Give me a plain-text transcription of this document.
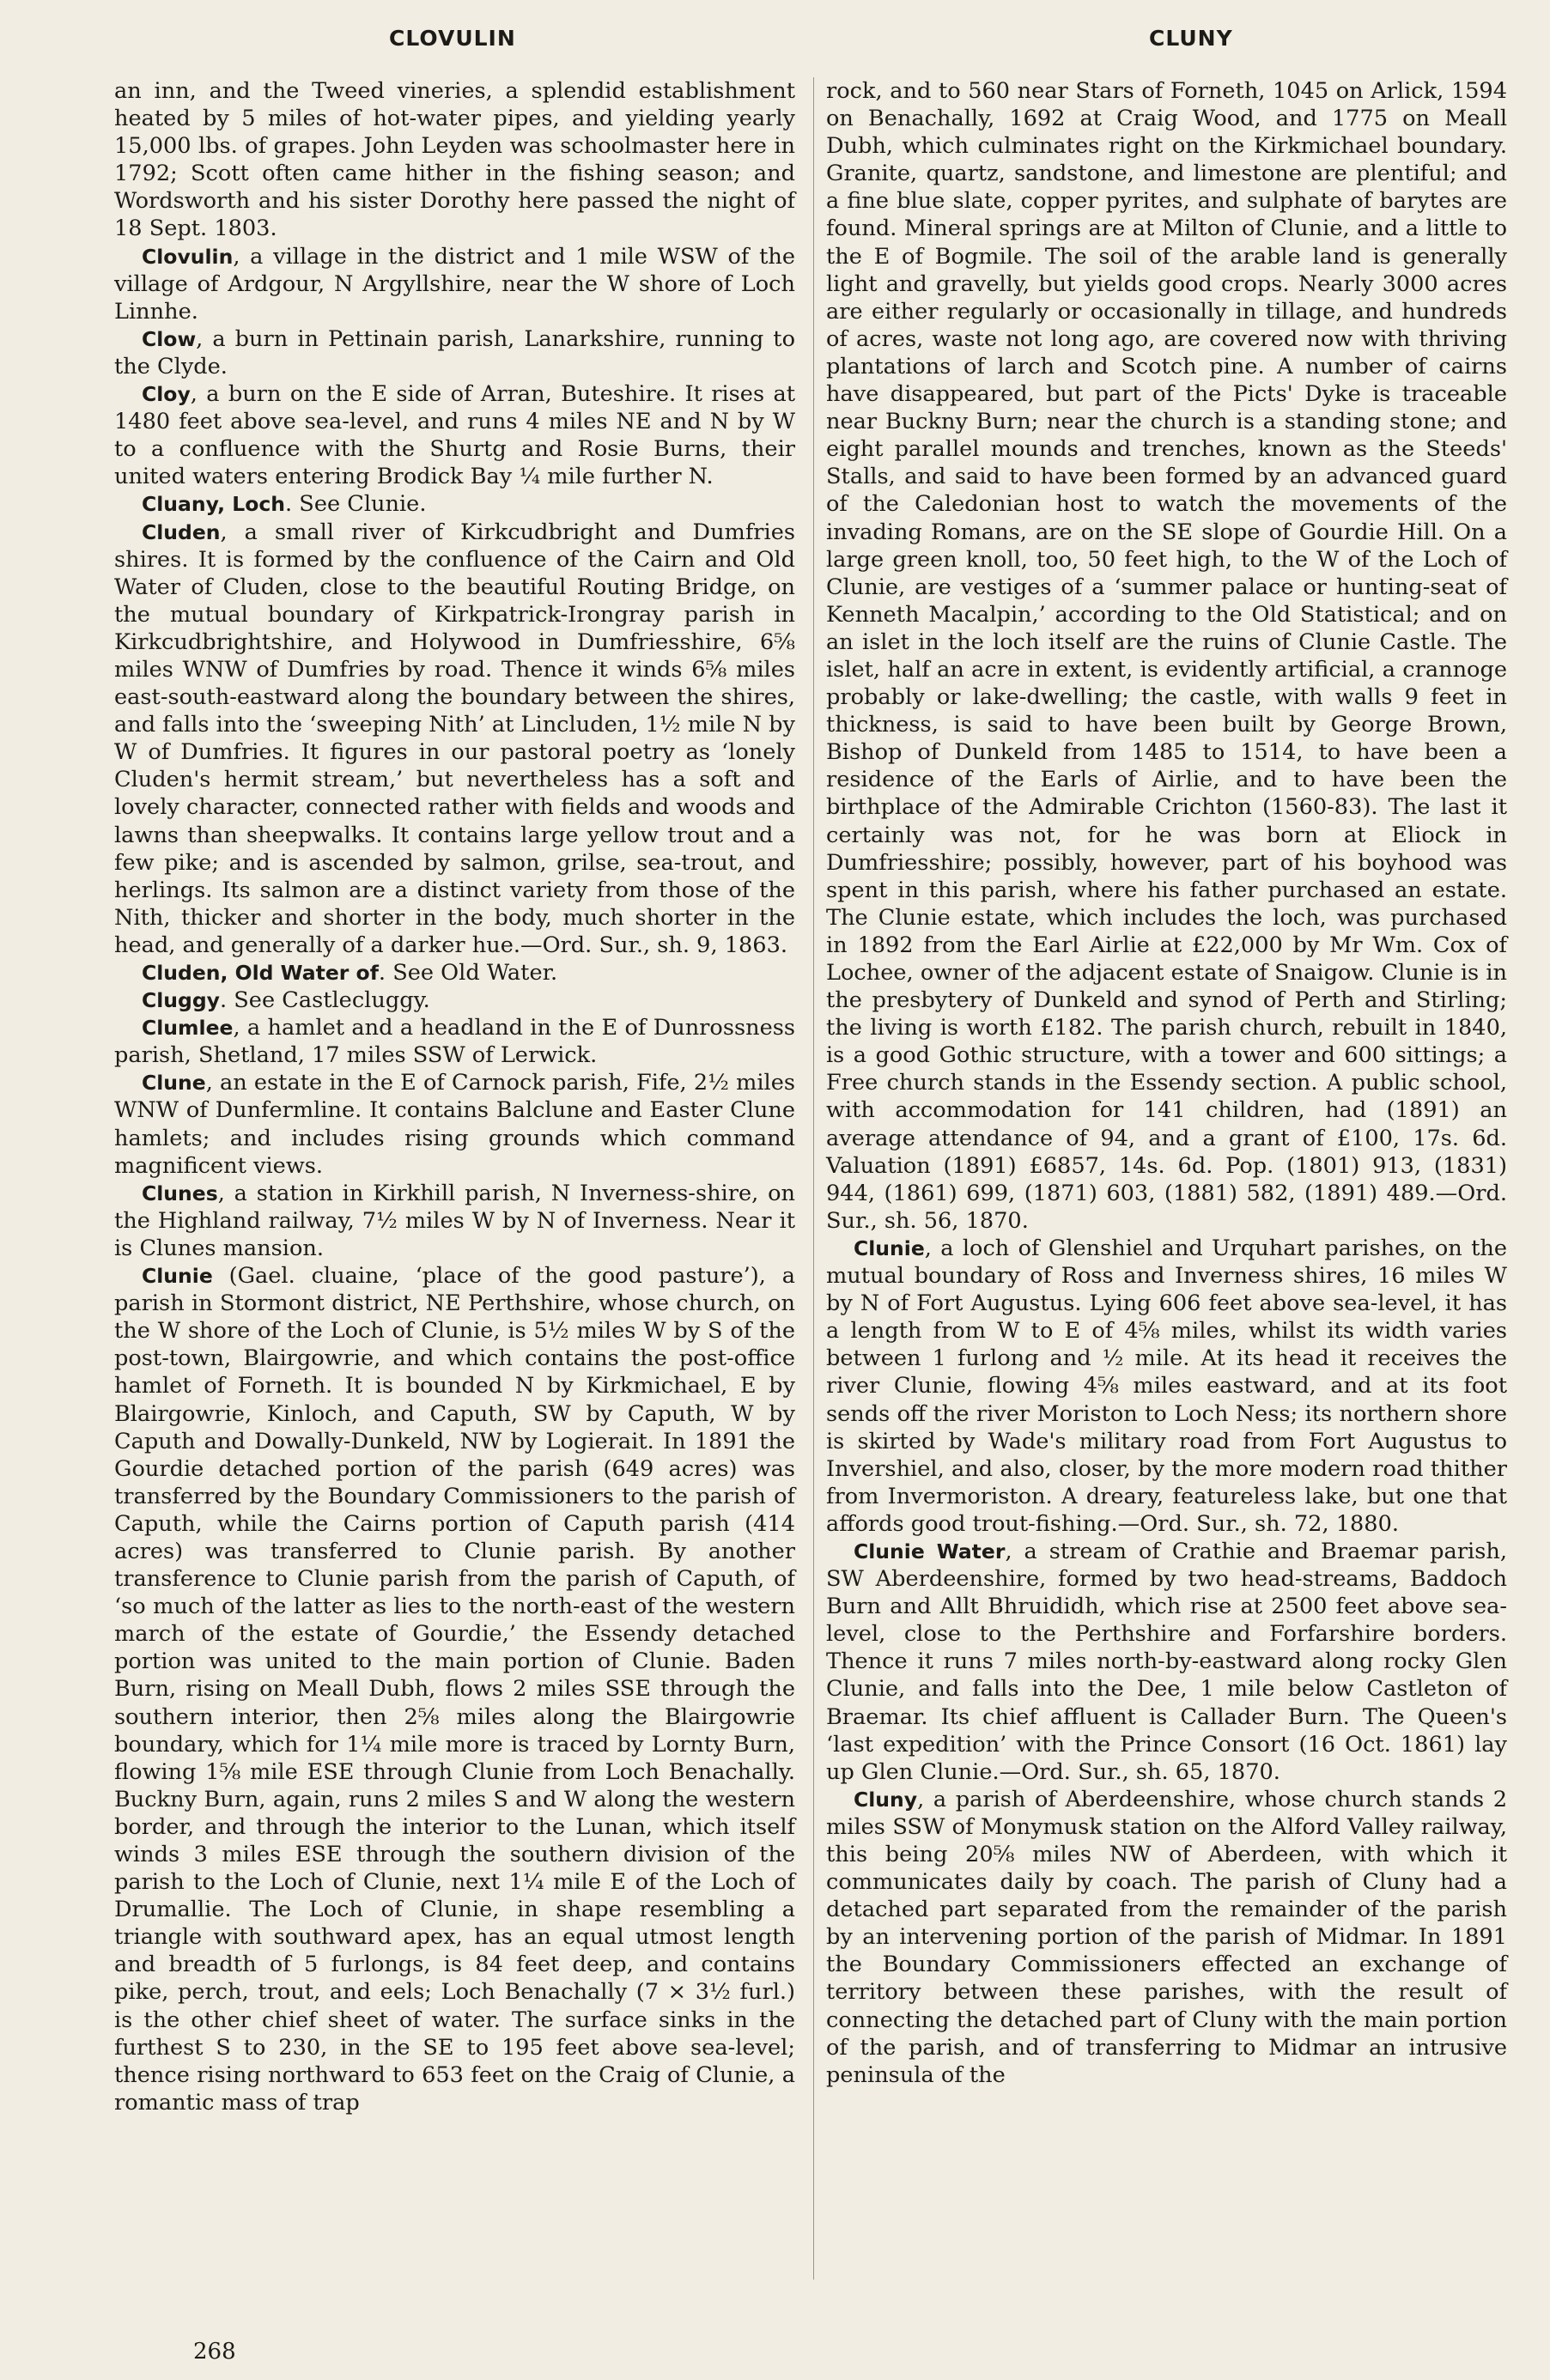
CLOVULIN	CLUNY

an inn, and the Tweed vineries, a splendid establishment heated by 5 miles of hot-water pipes, and yielding yearly 15,000 lbs. of grapes. John Leyden was schoolmaster here in 1792; Scott often came hither in the fishing season; and Wordsworth and his sister Dorothy here passed the night of 18 Sept. 1803.

Clovulin, a village in the district and 1 mile WSW of the village of Ardgour, N Argyllshire, near the W shore of Loch Linnhe.

Clow, a burn in Pettinain parish, Lanarkshire, running to the Clyde.

Cloy, a burn on the E side of Arran, Buteshire. It rises at 1480 feet above sea-level, and runs 4 miles NE and N by W to a confluence with the Shurtg and Rosie Burns, their united waters entering Brodick Bay ¼ mile further N.

Cluany, Loch. See Clunie.

Cluden, a small river of Kirkcudbright and Dumfries shires. It is formed by the confluence of the Cairn and Old Water of Cluden, close to the beautiful Routing Bridge, on the mutual boundary of Kirkpatrick-Irongray parish in Kirkcudbrightshire, and Holywood in Dumfriesshire, 6⅝ miles WNW of Dumfries by road. Thence it winds 6⅝ miles east-south-eastward along the boundary between the shires, and falls into the ‘sweeping Nith’ at Lincluden, 1½ mile N by W of Dumfries. It figures in our pastoral poetry as ‘lonely Cluden's hermit stream,’ but nevertheless has a soft and lovely character, connected rather with fields and woods and lawns than sheepwalks. It contains large yellow trout and a few pike; and is ascended by salmon, grilse, sea-trout, and herlings. Its salmon are a distinct variety from those of the Nith, thicker and shorter in the body, much shorter in the head, and generally of a darker hue.—Ord. Sur., sh. 9, 1863.

Cluden, Old Water of. See Old Water.

Cluggy. See Castlecluggy.

Clumlee, a hamlet and a headland in the E of Dunrossness parish, Shetland, 17 miles SSW of Lerwick.

Clune, an estate in the E of Carnock parish, Fife, 2½ miles WNW of Dunfermline. It contains Balclune and Easter Clune hamlets; and includes rising grounds which command magnificent views.

Clunes, a station in Kirkhill parish, N Inverness-shire, on the Highland railway, 7½ miles W by N of Inverness. Near it is Clunes mansion.

Clunie (Gael. cluaine, ‘place of the good pasture’), a parish in Stormont district, NE Perthshire, whose church, on the W shore of the Loch of Clunie, is 5½ miles W by S of the post-town, Blairgowrie, and which contains the post-office hamlet of Forneth. It is bounded N by Kirkmichael, E by Blairgowrie, Kinloch, and Caputh, SW by Caputh, W by Caputh and Dowally-Dunkeld, NW by Logierait. In 1891 the Gourdie detached portion of the parish (649 acres) was transferred by the Boundary Commissioners to the parish of Caputh, while the Cairns portion of Caputh parish (414 acres) was transferred to Clunie parish. By another transference to Clunie parish from the parish of Caputh, of ‘so much of the latter as lies to the north-east of the western march of the estate of Gourdie,’ the Essendy detached portion was united to the main portion of Clunie. Baden Burn, rising on Meall Dubh, flows 2 miles SSE through the southern interior, then 2⅝ miles along the Blairgowrie boundary, which for 1¼ mile more is traced by Lornty Burn, flowing 1⅝ mile ESE through Clunie from Loch Benachally. Buckny Burn, again, runs 2 miles S and W along the western border, and through the interior to the Lunan, which itself winds 3 miles ESE through the southern division of the parish to the Loch of Clunie, next 1¼ mile E of the Loch of Drumallie. The Loch of Clunie, in shape resembling a triangle with southward apex, has an equal utmost length and breadth of 5 furlongs, is 84 feet deep, and contains pike, perch, trout, and eels; Loch Benachally (7 × 3½ furl.) is the other chief sheet of water. The surface sinks in the furthest S to 230, in the SE to 195 feet above sea-level; thence rising northward to 653 feet on the Craig of Clunie, a romantic mass of trap

rock, and to 560 near Stars of Forneth, 1045 on Arlick, 1594 on Benachally, 1692 at Craig Wood, and 1775 on Meall Dubh, which culminates right on the Kirkmichael boundary. Granite, quartz, sandstone, and limestone are plentiful; and a fine blue slate, copper pyrites, and sulphate of barytes are found. Mineral springs are at Milton of Clunie, and a little to the E of Bogmile. The soil of the arable land is generally light and gravelly, but yields good crops. Nearly 3000 acres are either regularly or occasionally in tillage, and hundreds of acres, waste not long ago, are covered now with thriving plantations of larch and Scotch pine. A number of cairns have disappeared, but part of the Picts' Dyke is traceable near Buckny Burn; near the church is a standing stone; and eight parallel mounds and trenches, known as the Steeds' Stalls, and said to have been formed by an advanced guard of the Caledonian host to watch the movements of the invading Romans, are on the SE slope of Gourdie Hill. On a large green knoll, too, 50 feet high, to the W of the Loch of Clunie, are vestiges of a ‘summer palace or hunting-seat of Kenneth Macalpin,’ according to the Old Statistical; and on an islet in the loch itself are the ruins of Clunie Castle. The islet, half an acre in extent, is evidently artificial, a crannoge probably or lake-dwelling; the castle, with walls 9 feet in thickness, is said to have been built by George Brown, Bishop of Dunkeld from 1485 to 1514, to have been a residence of the Earls of Airlie, and to have been the birthplace of the Admirable Crichton (1560-83). The last it certainly was not, for he was born at Eliock in Dumfriesshire; possibly, however, part of his boyhood was spent in this parish, where his father purchased an estate. The Clunie estate, which includes the loch, was purchased in 1892 from the Earl Airlie at £22,000 by Mr Wm. Cox of Lochee, owner of the adjacent estate of Snaigow. Clunie is in the presbytery of Dunkeld and synod of Perth and Stirling; the living is worth £182. The parish church, rebuilt in 1840, is a good Gothic structure, with a tower and 600 sittings; a Free church stands in the Essendy section. A public school, with accommodation for 141 children, had (1891) an average attendance of 94, and a grant of £100, 17s. 6d. Valuation (1891) £6857, 14s. 6d. Pop. (1801) 913, (1831) 944, (1861) 699, (1871) 603, (1881) 582, (1891) 489.—Ord. Sur., sh. 56, 1870.

Clunie, a loch of Glenshiel and Urquhart parishes, on the mutual boundary of Ross and Inverness shires, 16 miles W by N of Fort Augustus. Lying 606 feet above sea-level, it has a length from W to E of 4⅝ miles, whilst its width varies between 1 furlong and ½ mile. At its head it receives the river Clunie, flowing 4⅝ miles eastward, and at its foot sends off the river Moriston to Loch Ness; its northern shore is skirted by Wade's military road from Fort Augustus to Invershiel, and also, closer, by the more modern road thither from Invermoriston. A dreary, featureless lake, but one that affords good trout-fishing.—Ord. Sur., sh. 72, 1880.

Clunie Water, a stream of Crathie and Braemar parish, SW Aberdeenshire, formed by two head-streams, Baddoch Burn and Allt Bhruididh, which rise at 2500 feet above sea-level, close to the Perthshire and Forfarshire borders. Thence it runs 7 miles north-by-eastward along rocky Glen Clunie, and falls into the Dee, 1 mile below Castleton of Braemar. Its chief affluent is Callader Burn. The Queen's ‘last expedition’ with the Prince Consort (16 Oct. 1861) lay up Glen Clunie.—Ord. Sur., sh. 65, 1870.

Cluny, a parish of Aberdeenshire, whose church stands 2 miles SSW of Monymusk station on the Alford Valley railway, this being 20⅝ miles NW of Aberdeen, with which it communicates daily by coach. The parish of Cluny had a detached part separated from the remainder of the parish by an intervening portion of the parish of Midmar. In 1891 the Boundary Commissioners effected an exchange of territory between these parishes, with the result of connecting the detached part of Cluny with the main portion of the parish, and of transferring to Midmar an intrusive peninsula of the

268
